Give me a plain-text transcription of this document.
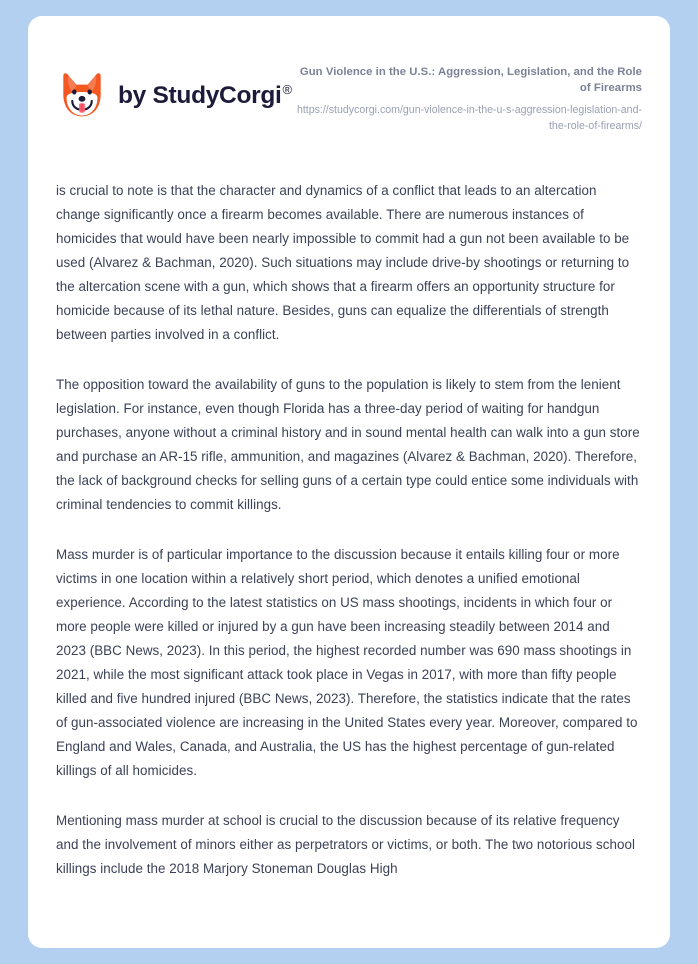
by StudyCorgi®

Gun Violence in the U.S.: Aggression, Legislation, and the Role of Firearms

https://studycorgi.com/gun-violence-in-the-u-s-aggression-legislation-and-the-role-of-firearms/

is crucial to note is that the character and dynamics of a conflict that leads to an altercation change significantly once a firearm becomes available. There are numerous instances of homicides that would have been nearly impossible to commit had a gun not been available to be used (Alvarez & Bachman, 2020). Such situations may include drive-by shootings or returning to the altercation scene with a gun, which shows that a firearm offers an opportunity structure for homicide because of its lethal nature. Besides, guns can equalize the differentials of strength between parties involved in a conflict.

The opposition toward the availability of guns to the population is likely to stem from the lenient legislation. For instance, even though Florida has a three-day period of waiting for handgun purchases, anyone without a criminal history and in sound mental health can walk into a gun store and purchase an AR-15 rifle, ammunition, and magazines (Alvarez & Bachman, 2020). Therefore, the lack of background checks for selling guns of a certain type could entice some individuals with criminal tendencies to commit killings.

Mass murder is of particular importance to the discussion because it entails killing four or more victims in one location within a relatively short period, which denotes a unified emotional experience. According to the latest statistics on US mass shootings, incidents in which four or more people were killed or injured by a gun have been increasing steadily between 2014 and 2023 (BBC News, 2023). In this period, the highest recorded number was 690 mass shootings in 2021, while the most significant attack took place in Vegas in 2017, with more than fifty people killed and five hundred injured (BBC News, 2023). Therefore, the statistics indicate that the rates of gun-associated violence are increasing in the United States every year. Moreover, compared to England and Wales, Canada, and Australia, the US has the highest percentage of gun-related killings of all homicides.

Mentioning mass murder at school is crucial to the discussion because of its relative frequency and the involvement of minors either as perpetrators or victims, or both. The two notorious school killings include the 2018 Marjory Stoneman Douglas High
